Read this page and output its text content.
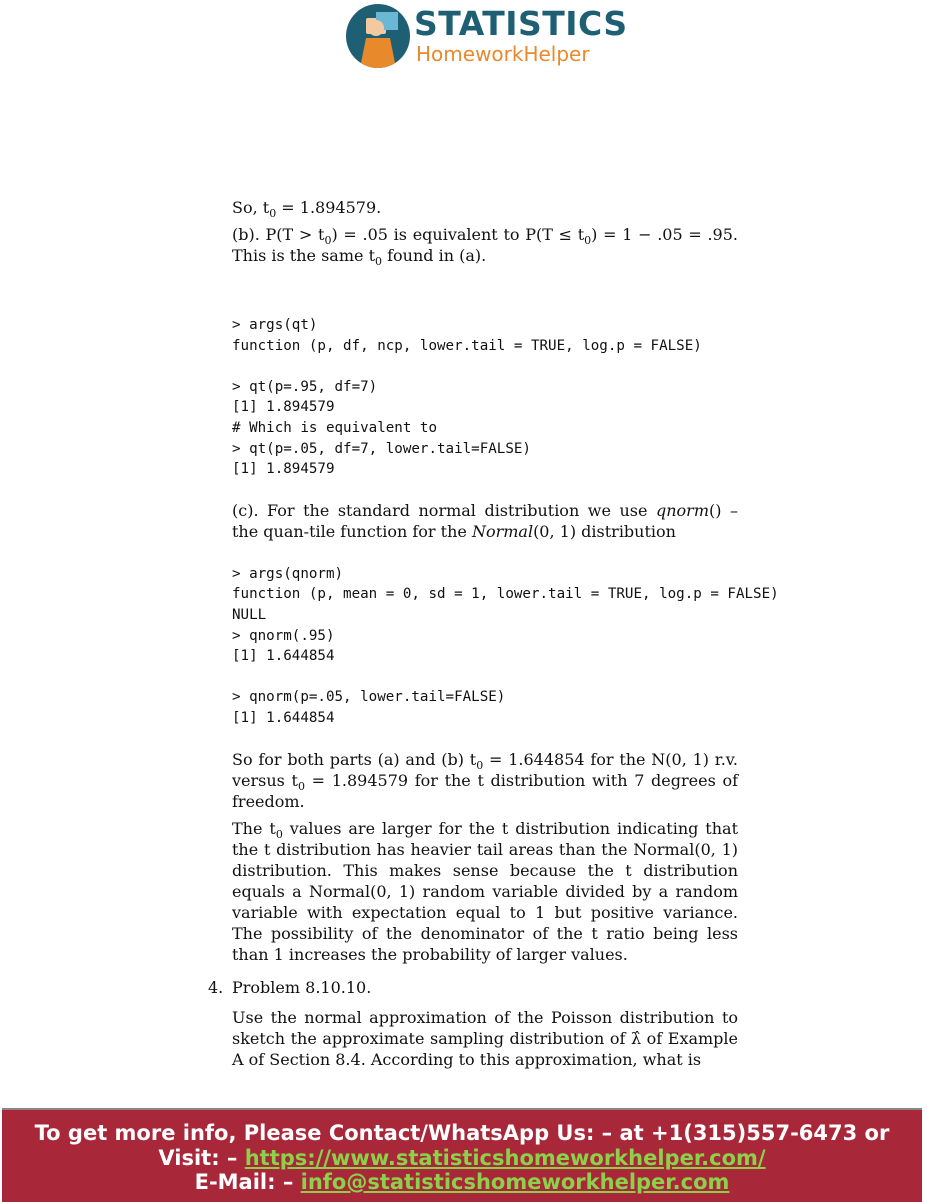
STATISTICS
HomeworkHelper

So, $t_0 = 1.894579$.

(b). $P(T > t_0) = .05$ is equivalent to $P(T \le t_0) = 1 - .05 = .95$. This is the same $t_0$ found in (a).

> args(qt)
function (p, df, ncp, lower.tail = TRUE, log.p = FALSE)

> qt(p=.95, df=7)
[1] 1.894579
# Which is equivalent to
> qt(p=.05, df=7, lower.tail=FALSE)
[1] 1.894579

(c). For the standard normal distribution we use qnorm() – the quan-tile function for the Normal(0, 1) distribution

> args(qnorm)
function (p, mean = 0, sd = 1, lower.tail = TRUE, log.p = FALSE)
NULL
> qnorm(.95)
[1] 1.644854

> qnorm(p=.05, lower.tail=FALSE)
[1] 1.644854

So for both parts (a) and (b) $t_0 = 1.644854$ for the N(0, 1) r.v. versus $t_0 = 1.894579$ for the t distribution with 7 degrees of freedom.

The $t_0$ values are larger for the t distribution indicating that the t distribution has heavier tail areas than the Normal(0, 1) distribution. This makes sense because the t distribution equals a Normal(0, 1) random variable divided by a random variable with expectation equal to 1 but positive variance. The possibility of the denominator of the t ratio being less than 1 increases the probability of larger values.

4. Problem 8.10.10.

Use the normal approximation of the Poisson distribution to sketch the approximate sampling distribution of λ̂ of Example A of Section 8.4. According to this approximation, what is

To get more info, Please Contact/WhatsApp Us: – at +1(315)557-6473 or
Visit: – https://www.statisticshomeworkhelper.com/
E-Mail: – info@statisticshomeworkhelper.com
